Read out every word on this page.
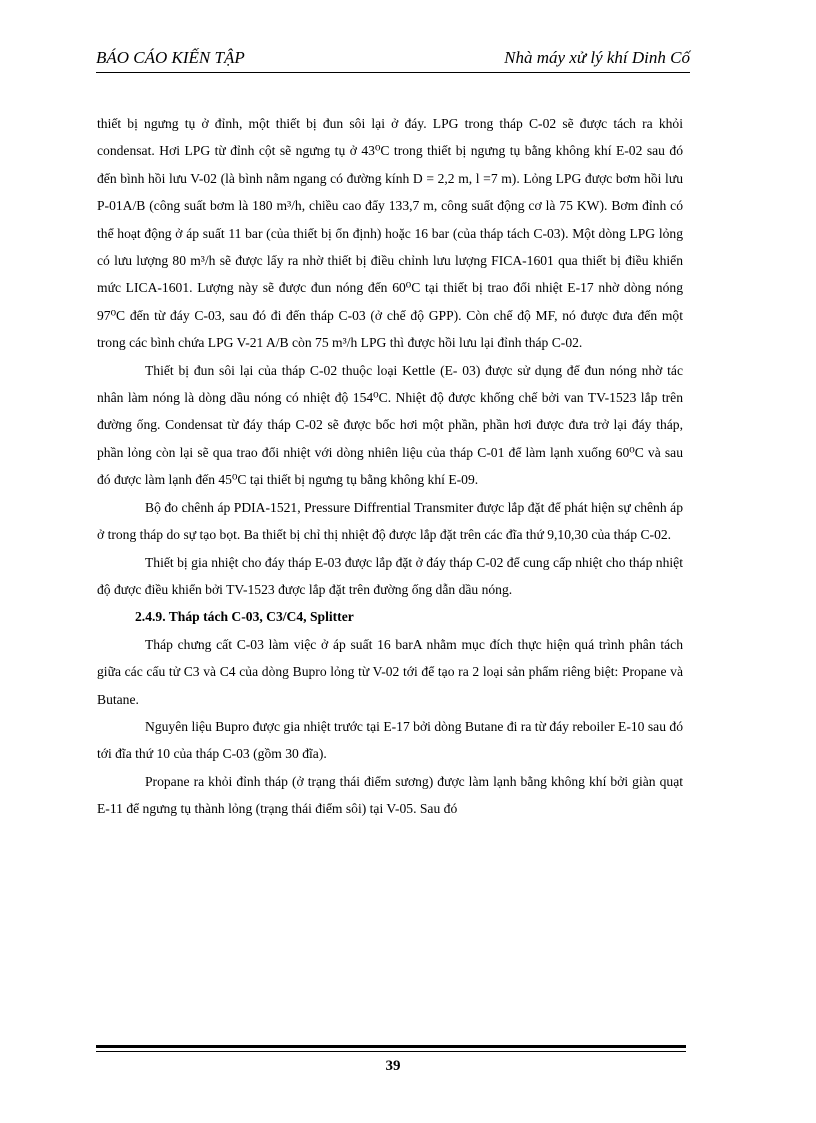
BÁO CÁO KIẾN TẬP	Nhà máy xử lý khí Dinh Cố

thiết bị ngưng tụ ở đỉnh, một thiết bị đun sôi lại ở đáy. LPG trong tháp C-02 sẽ được tách ra khỏi condensat. Hơi LPG từ đỉnh cột sẽ ngưng tụ ở 43⁰C trong thiết bị ngưng tụ bằng không khí E-02 sau đó đến bình hồi lưu V-02 (là bình nằm ngang có đường kính D = 2,2 m, l =7 m). Lỏng LPG được bơm hồi lưu P-01A/B (công suất bơm là 180 m³/h, chiều cao đẩy 133,7 m, công suất động cơ là 75 KW). Bơm đỉnh có thể hoạt động ở áp suất 11 bar (của thiết bị ổn định) hoặc 16 bar (của tháp tách C-03). Một dòng LPG lỏng có lưu lượng 80 m³/h sẽ được lấy ra nhờ thiết bị điều chỉnh lưu lượng FICA-1601 qua thiết bị điều khiển mức LICA-1601. Lượng này sẽ được đun nóng đến 60⁰C tại thiết bị trao đổi nhiệt E-17 nhờ dòng nóng 97⁰C đến từ đáy C-03, sau đó đi đến tháp C-03 (ở chế độ GPP). Còn chế độ MF, nó được đưa đến một trong các bình chứa LPG V-21 A/B còn 75 m³/h LPG thì được hồi lưu lại đỉnh tháp C-02.

Thiết bị đun sôi lại của tháp C-02 thuộc loại Kettle (E- 03) được sử dụng để đun nóng nhờ tác nhân làm nóng là dòng dầu nóng có nhiệt độ 154⁰C. Nhiệt độ được khống chế bởi van TV-1523 lắp trên đường ống. Condensat từ đáy tháp C-02 sẽ được bốc hơi một phần, phần hơi được đưa trở lại đáy tháp, phần lỏng còn lại sẽ qua trao đổi nhiệt với dòng nhiên liệu của tháp C-01 để làm lạnh xuống 60⁰C và sau đó được làm lạnh đến 45⁰C tại thiết bị ngưng tụ bằng không khí E-09.

Bộ đo chênh áp PDIA-1521, Pressure Diffrential Transmiter được lắp đặt để phát hiện sự chênh áp ở trong tháp do sự tạo bọt. Ba thiết bị chỉ thị nhiệt độ được lắp đặt trên các đĩa thứ 9,10,30 của tháp C-02.

Thiết bị gia nhiệt cho đáy tháp E-03 được lắp đặt ở đáy tháp C-02 để cung cấp nhiệt cho tháp nhiệt độ được điều khiển bởi TV-1523 được lắp đặt trên đường ống dẫn dầu nóng.

2.4.9. Tháp tách C-03, C3/C4, Splitter

Tháp chưng cất C-03 làm việc ở áp suất 16 barA nhằm mục đích thực hiện quá trình phân tách giữa các cấu tử C3 và C4 của dòng Bupro lỏng từ V-02 tới để tạo ra 2 loại sản phẩm riêng biệt: Propane và Butane.

Nguyên liệu Bupro được gia nhiệt trước tại E-17 bởi dòng Butane đi ra từ đáy reboiler E-10 sau đó tới đĩa thứ 10 của tháp C-03 (gồm 30 đĩa).

Propane ra khỏi đỉnh tháp (ở trạng thái điểm sương) được làm lạnh bằng không khí bởi giàn quạt E-11 để ngưng tụ thành lỏng (trạng thái điểm sôi) tại V-05. Sau đó

39
